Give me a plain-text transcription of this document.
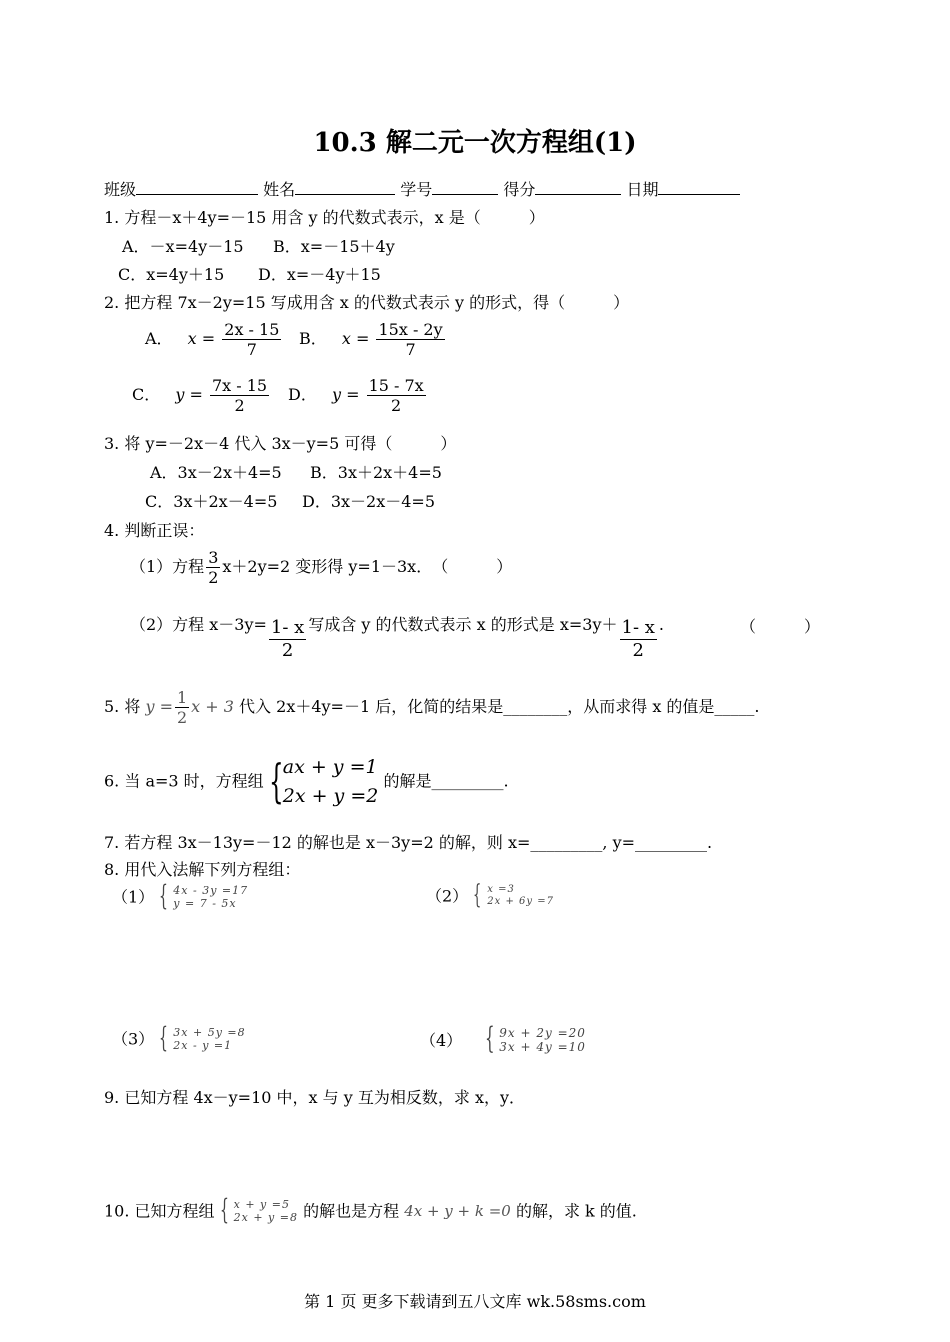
10.3 解二元一次方程组(1)
班级	姓名	学号	得分	日期
1. 方程－x＋4y=－15 用含 y 的代数式表示，x 是（　　　）
A．－x=4y－15 B．x=－15＋4y
C．x=4y＋15 D．x=－4y＋15
2. 把方程 7x－2y=15 写成用含 x 的代数式表示 y 的形式，得（　　　）
A． $x = \frac{2x - 15}{7}$ B． $x = \frac{15x - 2y}{7}$
C． $y = \frac{7x - 15}{2}$ D． $y = \frac{15 - 7x}{2}$
3. 将 y=－2x－4 代入 3x－y=5 可得（　　　）
A．3x－2x＋4=5 B．3x＋2x＋4=5
C．3x＋2x－4=5 D．3x－2x－4=5
4. 判断正误：
（1）方程 $\frac{3}{2} x+2y=2$ 变形得 y=1－3x．　（　　　）
（2）方程 $x-3y= \frac{1- x}{2}$ 写成含 y 的代数式表示 x 的形式是 $x=3y+ \frac{1- x}{2}$ .	（　　　）
5. 将 $y = \frac{1}{2}$ x + 3 代入 2x＋4y=－1 后，化简的结果是________，从而求得 x 的值是_____.
6. 当 a=3 时，方程组 { ax + y =1
2x + y =2
的解是_________.
7. 若方程 3x－13y=－12 的解也是 x－3y=2 的解，则 x=_________, y=_________.
8. 用代入法解下列方程组：
（1） { 4x - 3y =17
y = 7 - 5x	（2） { x =3
2x + 6y =7
（3） { 3x + 5y =8
2x - y =1	（4） { 9x + 2y =20
3x + 4y =10
9. 已知方程 4x－y=10 中，x 与 y 互为相反数，求 x，y．
10. 已知方程组 { x + y =5
2x + y =8 的解也是方程 4x + y + k =0 的解，求 k 的值.
第 1 页 更多下载请到五八文库 wk.58sms.com
